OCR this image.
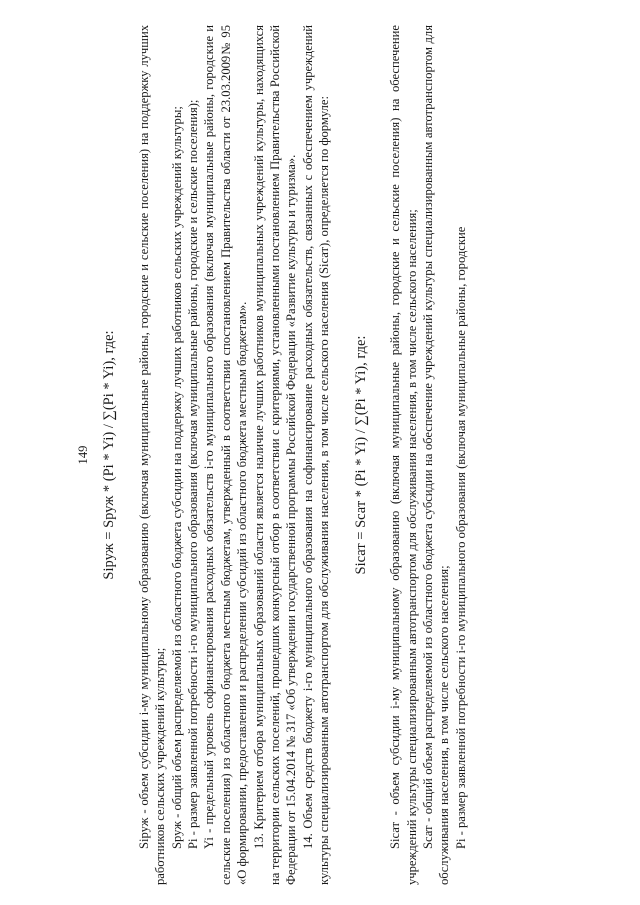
149 Siруж = Sруж * (Pi * Yi) / ∑(Pi * Yi), где: Sіруж - объем субсидии i-му муниципальному образованию (включая муниципальные районы, городские и сельские поселения) на поддержку лучших работников сельских учреждений культуры; Sруж - общий объем распределяемой из областного бюджета субсидии на поддержку лучших работников сельских учреждений культуры; Pi - размер заявленной потребности i-го муниципального образования (включая муниципальные районы, городские и сельские поселения); Yi - предельный уровень софинансирования расходных обязательств i-го муниципального образования (включая муниципальные районы, городские и сельские поселения) из областного бюджета местным бюджетам, утвержденный в соответствии спостановлением Правительства области от 23.03.2009№ 95 «О формировании, предоставлении и распределении субсидий из областного бюджета местным бюджетам». 13. Критерием отбора муниципальных образований области является наличие лучших работников муниципальных учреждений культуры, находящихся на территории сельских поселений, прошедших конкурсный отбор в соответствии с критериями, установленными постановлением Правительства Российской Федерации от 15.04.2014 № 317 «Об утверждении государственной программы Российской Федерации «Развитие культуры и туризма». 14. Объем средств бюджету i-го муниципального образования на софинансирование расходных обязательств, связанных с обеспечением учреждений культуры специализированным автотранспортом для обслуживания населения, в том числе сельского населения (Sісат), определяется по формуле: Sісат = Sсат * (Pi * Yi) / ∑(Pi * Yi), где: Sісат - объем субсидии i-му муниципальному образованию (включая муниципальные районы, городские и сельские поселения) на обеспечение учреждений культуры специализированным автотранспортом для обслуживания населения, в том числе сельского населения; Sсат - общий объем распределяемой из областного бюджета субсидии на обеспечение учреждений культуры специализированным автотранспортом для обслуживания населения, в том числе сельского населения; Pi - размер заявленной потребности i-го муниципального образования (включая муниципальные районы, городские
